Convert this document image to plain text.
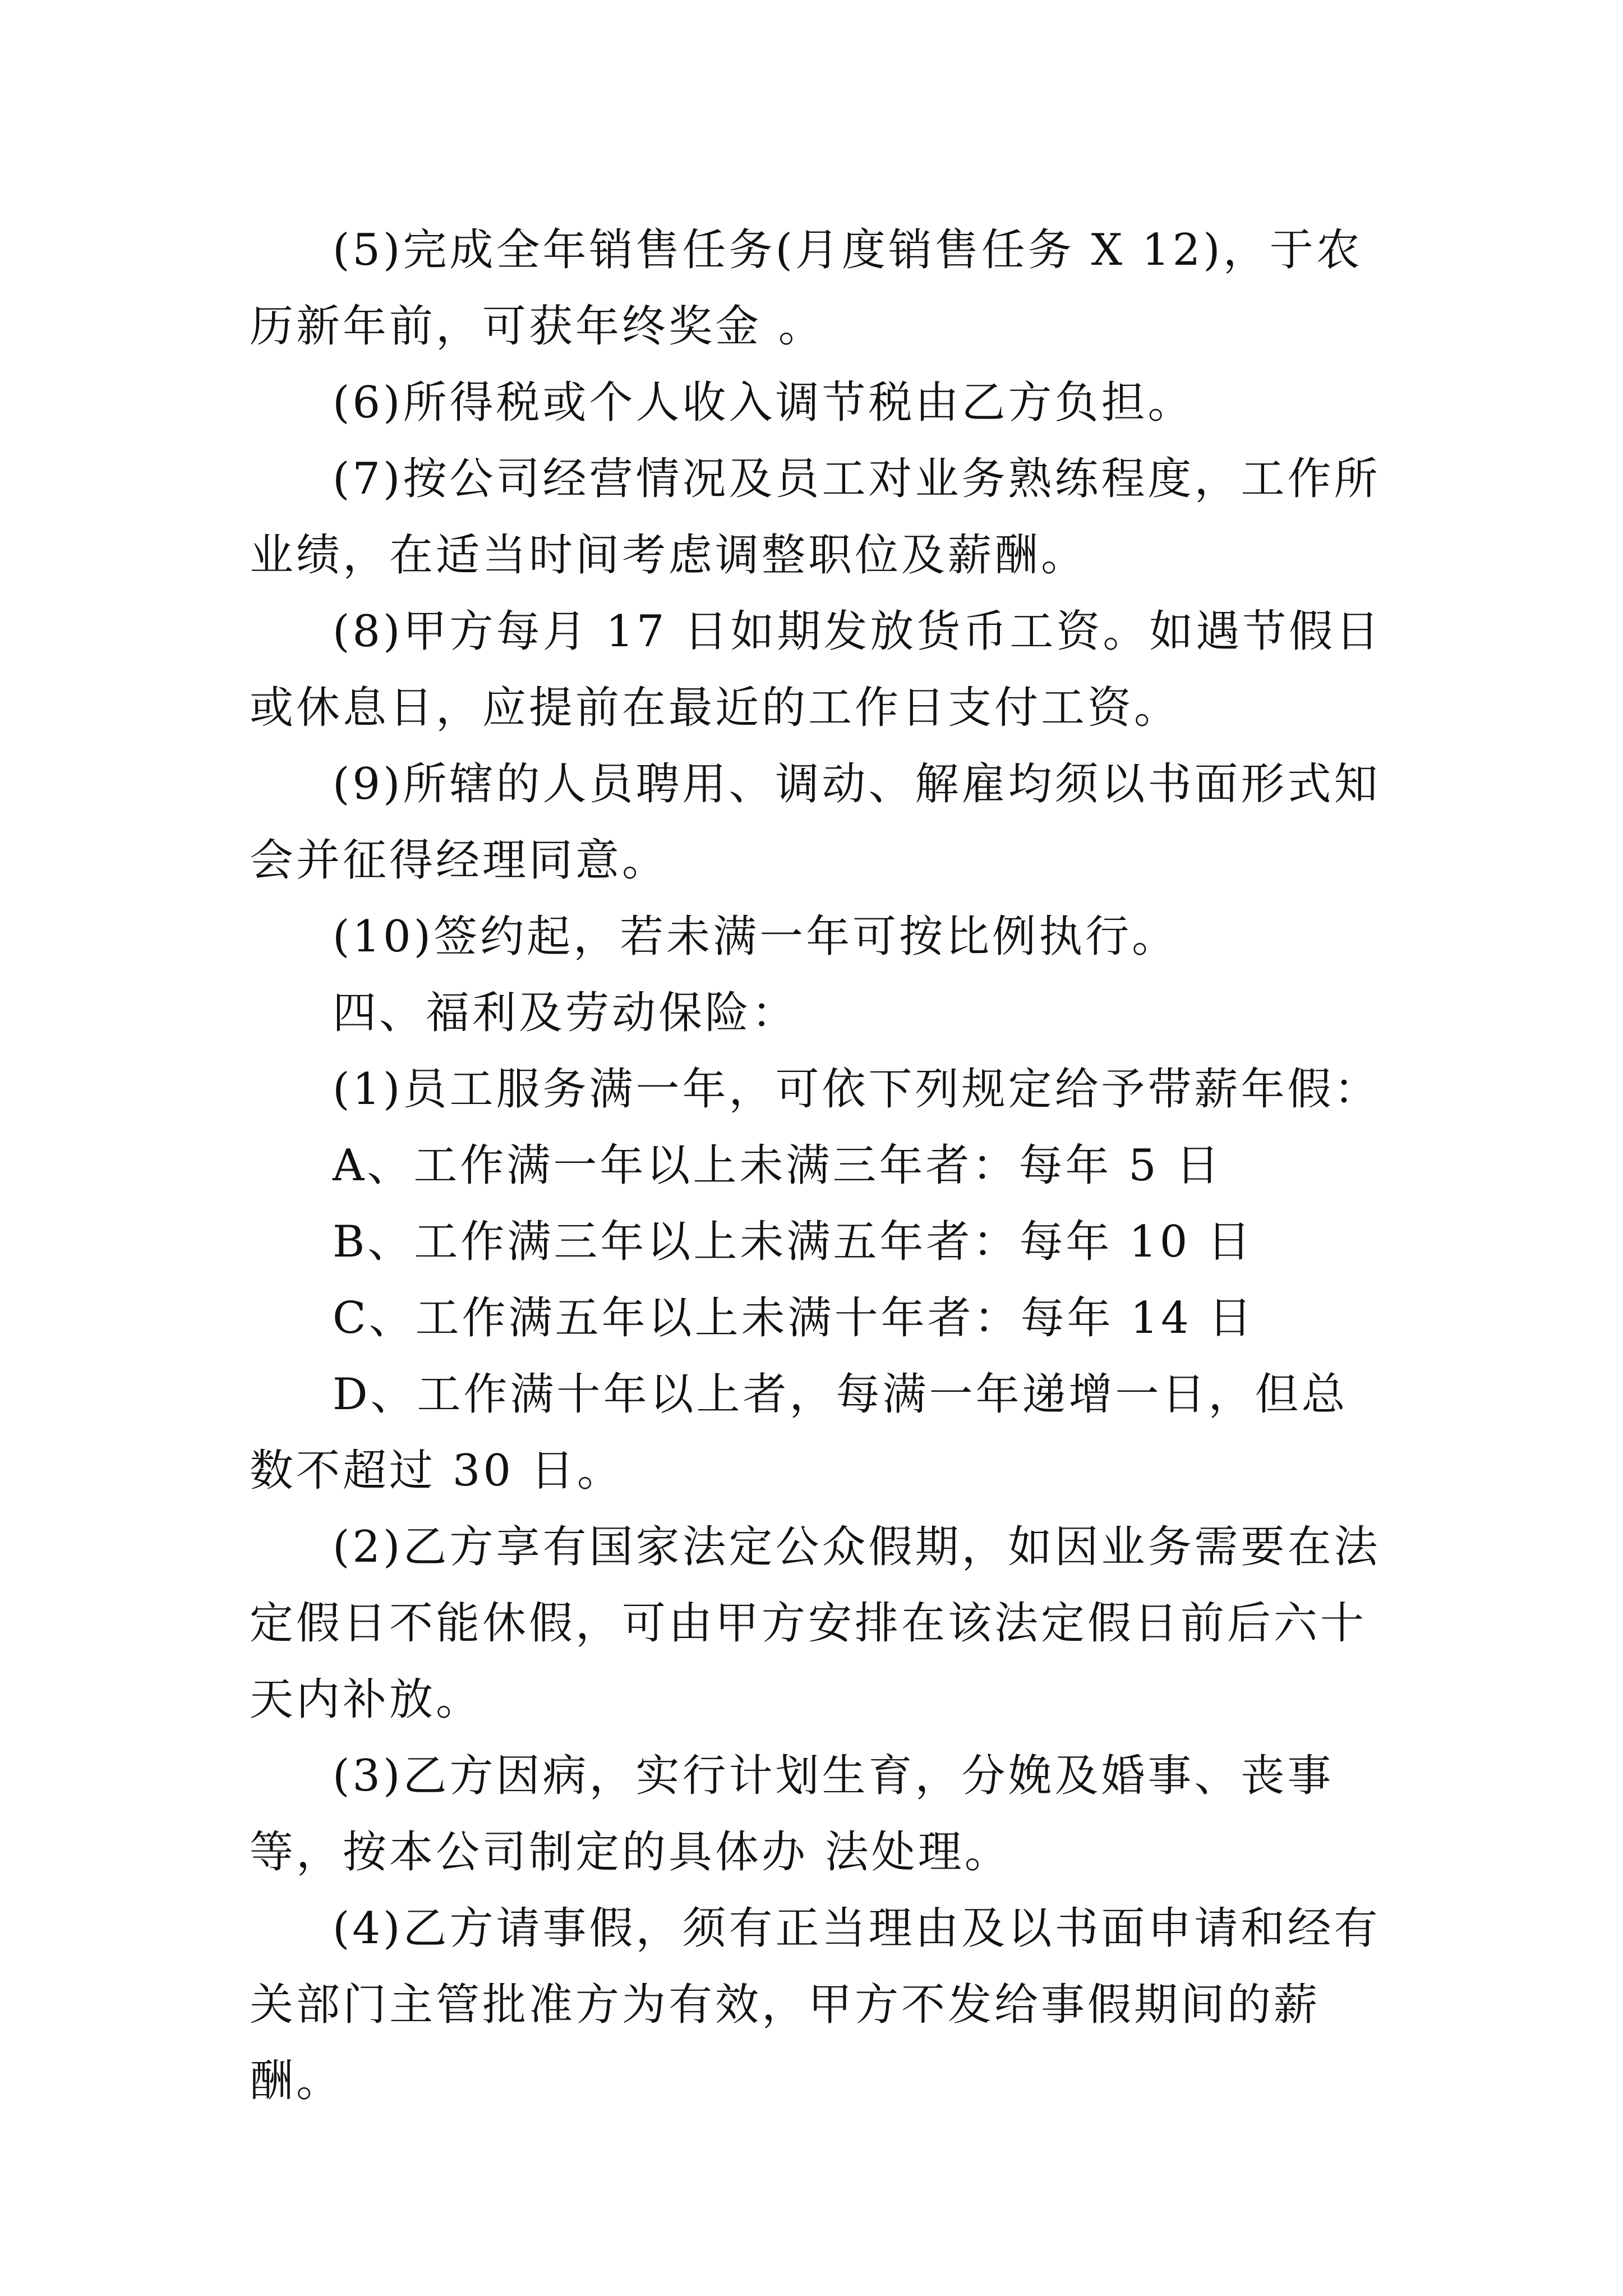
(5)完成全年销售任务(月度销售任务 X 12)，于农历新年前，可获年终奖金 。

(6)所得税或个人收入调节税由乙方负担。

(7)按公司经营情况及员工对业务熟练程度，工作所业绩，在适当时间考虑调整职位及薪酬。

(8)甲方每月 17 日如期发放货币工资。如遇节假日或休息日，应提前在最近的工作日支付工资。

(9)所辖的人员聘用、调动、解雇均须以书面形式知会并征得经理同意。

(10)签约起，若未满一年可按比例执行。

四、福利及劳动保险：

(1)员工服务满一年，可依下列规定给予带薪年假：

A、工作满一年以上未满三年者：每年 5 日

B、工作满三年以上未满五年者：每年 10 日

C、工作满五年以上未满十年者：每年 14 日

D、工作满十年以上者，每满一年递增一日，但总数不超过 30 日。

(2)乙方享有国家法定公众假期，如因业务需要在法定假日不能休假，可由甲方安排在该法定假日前后六十天内补放。

(3)乙方因病，实行计划生育，分娩及婚事、丧事等，按本公司制定的具体办 法处理。

(4)乙方请事假，须有正当理由及以书面申请和经有关部门主管批准方为有效，甲方不发给事假期间的薪酬。
